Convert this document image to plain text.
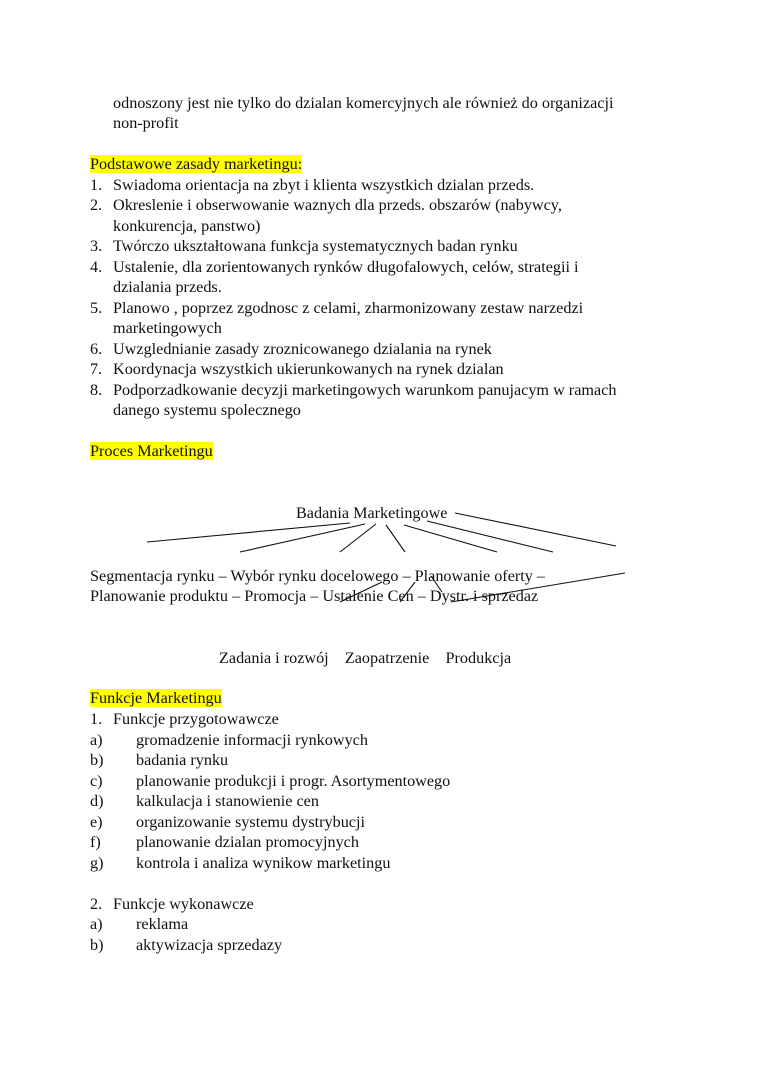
odnoszony jest nie tylko do dzialan komercyjnych ale również do organizacji
non-profit
Podstawowe zasady marketingu:
1. Swiadoma orientacja na zbyt i klienta wszystkich dzialan przeds.
2. Okreslenie i obserwowanie waznych dla przeds. obszarów (nabywcy,
konkurencja, panstwo)
3. Twórczo ukształtowana funkcja systematycznych badan rynku
4. Ustalenie, dla zorientowanych rynków długofalowych, celów, strategii i
dzialania przeds.
5. Planowo , poprzez zgodnosc z celami, zharmonizowany zestaw narzedzi
marketingowych
6. Uwzglednianie zasady zroznicowanego dzialania na rynek
7. Koordynacja wszystkich ukierunkowanych na rynek dzialan
8. Podporzadkowanie decyzji marketingowych warunkom panujacym w ramach
danego systemu spolecznego
Proces Marketingu
Badania Marketingowe
Segmentacja rynku – Wybór rynku docelowego – Planowanie oferty –
Planowanie produktu – Promocja – Ustalenie Cen – Dystr. i sprzedaz
Zadania i rozwój    Zaopatrzenie    Produkcja
Funkcje Marketingu
1. Funkcje przygotowawcze
a) gromadzenie informacji rynkowych
b) badania rynku
c) planowanie produkcji i progr. Asortymentowego
d) kalkulacja i stanowienie cen
e) organizowanie systemu dystrybucji
f) planowanie dzialan promocyjnych
g) kontrola i analiza wynikow marketingu
2. Funkcje wykonawcze
a) reklama
b) aktywizacja sprzedazy
